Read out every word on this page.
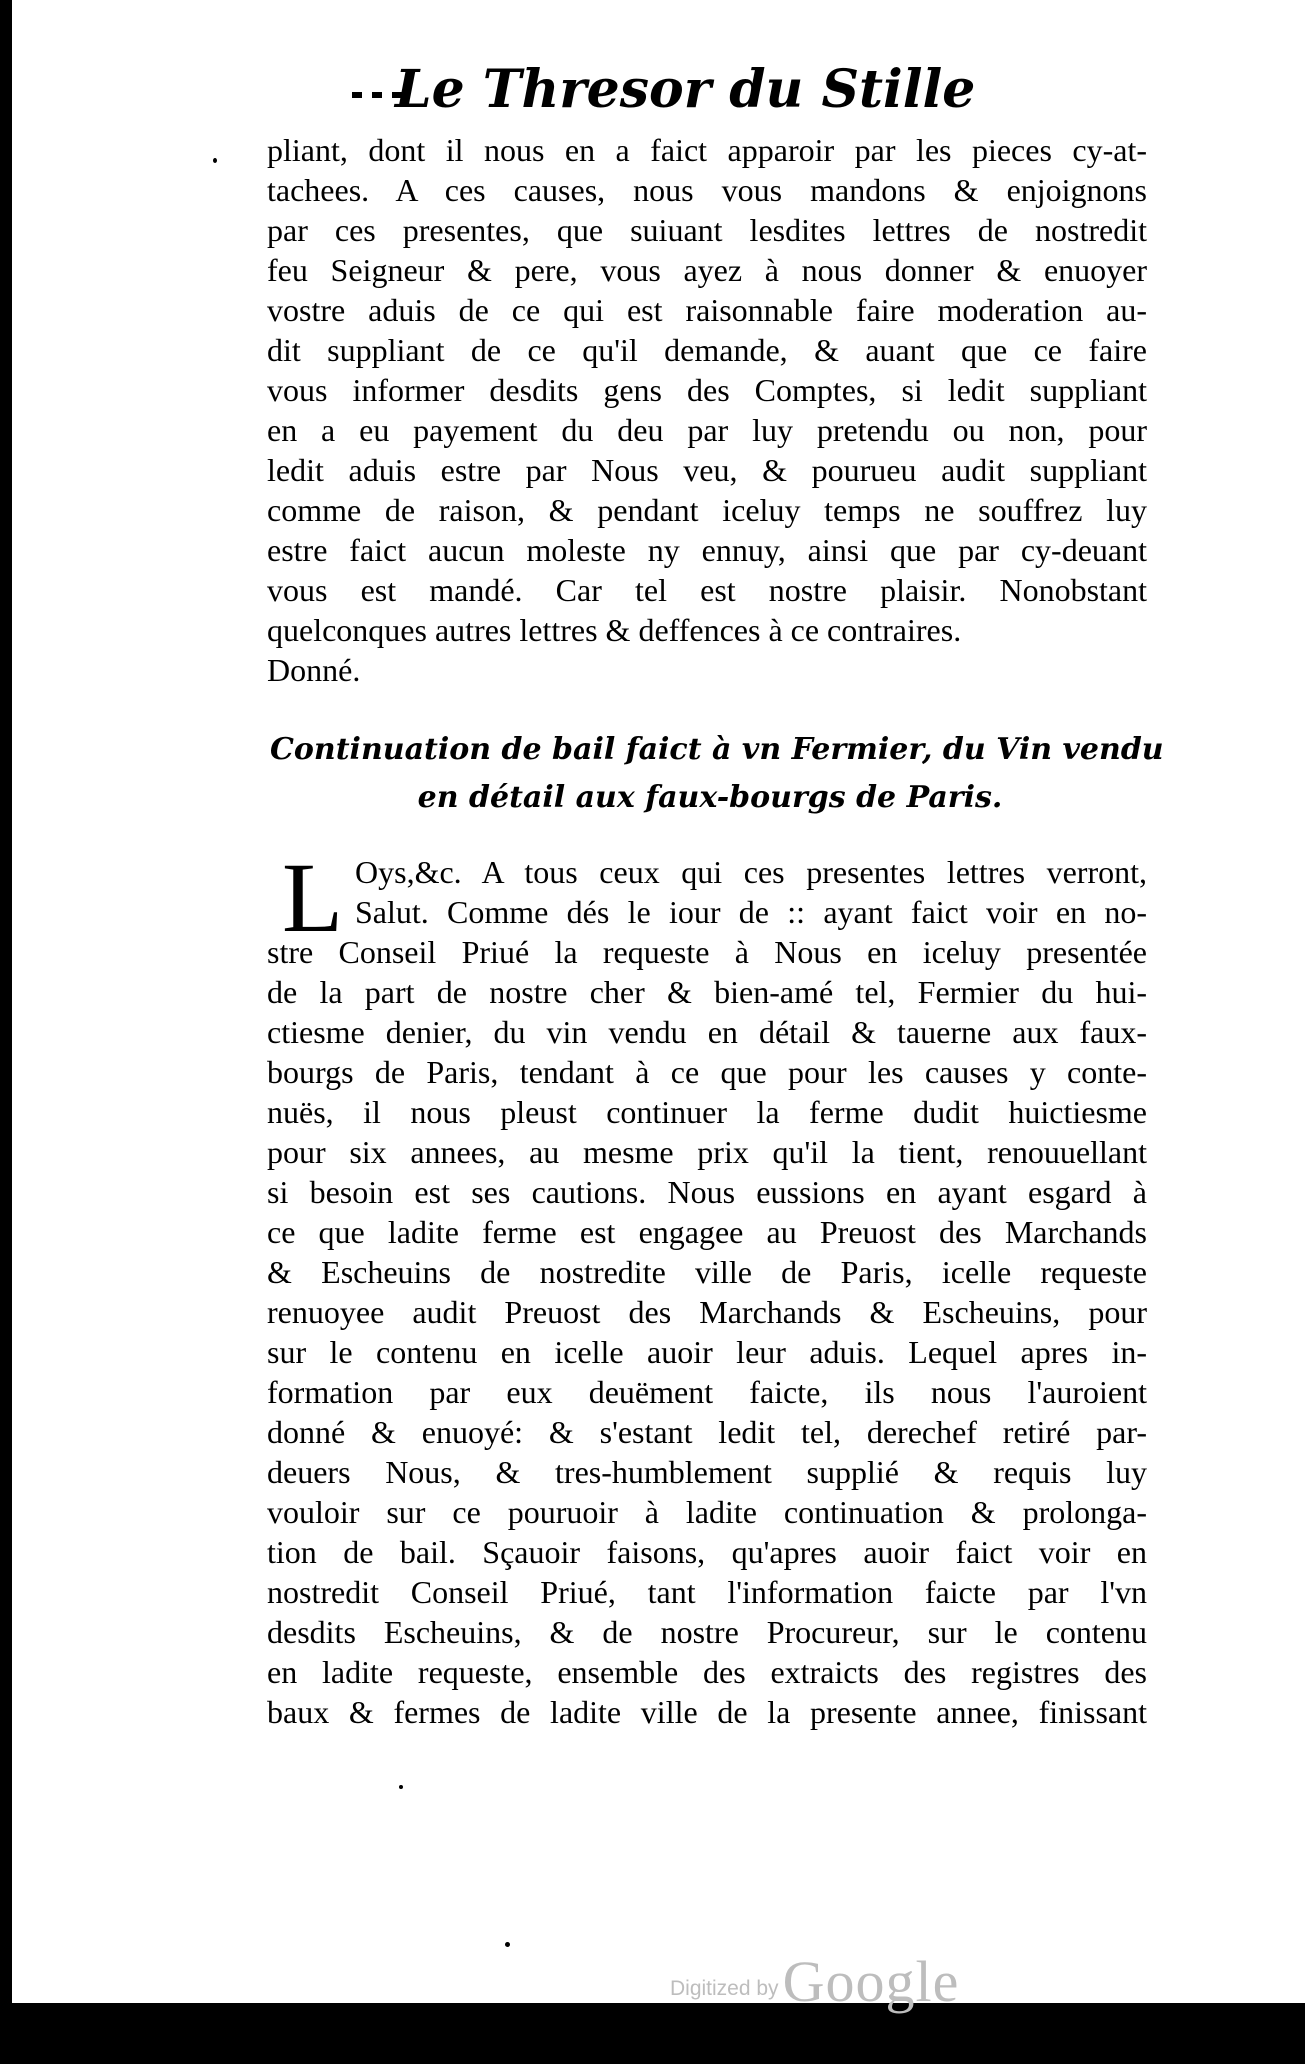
Le Thresor du Stille
pliant, dont il nous en a faict apparoir par les pieces cy-at-
tachees. A ces causes, nous vous mandons & enjoignons
par ces presentes, que suiuant lesdites lettres de nostredit
feu Seigneur & pere, vous ayez à nous donner & enuoyer
vostre aduis de ce qui est raisonnable faire moderation au-
dit suppliant de ce qu'il demande, & auant que ce faire
vous informer desdits gens des Comptes, si ledit suppliant
en a eu payement du deu par luy pretendu ou non, pour
ledit aduis estre par Nous veu, & pourueu audit suppliant
comme de raison, & pendant iceluy temps ne souffrez luy
estre faict aucun moleste ny ennuy, ainsi que par cy-deuant
vous est mandé. Car tel est nostre plaisir. Nonobstant
quelconques autres lettres & deffences à ce contraires.
Donné.
Continuation de bail faict à vn Fermier, du Vin vendu
en détail aux faux-bourgs de Paris.
L Oys,&c. A tous ceux qui ces presentes lettres verront,
Salut. Comme dés le iour de :: ayant faict voir en no-
stre Conseil Priué la requeste à Nous en iceluy presentée
de la part de nostre cher & bien-amé tel, Fermier du hui-
ctiesme denier, du vin vendu en détail & tauerne aux faux-
bourgs de Paris, tendant à ce que pour les causes y conte-
nuës, il nous pleust continuer la ferme dudit huictiesme
pour six annees, au mesme prix qu'il la tient, renouuellant
si besoin est ses cautions. Nous eussions en ayant esgard à
ce que ladite ferme est engagee au Preuost des Marchands
& Escheuins de nostredite ville de Paris, icelle requeste
renuoyee audit Preuost des Marchands & Escheuins, pour
sur le contenu en icelle auoir leur aduis. Lequel apres in-
formation par eux deuëment faicte, ils nous l'auroient
donné & enuoyé: & s'estant ledit tel, derechef retiré par-
deuers Nous, & tres-humblement supplié & requis luy
vouloir sur ce pouruoir à ladite continuation & prolonga-
tion de bail. Sçauoir faisons, qu'apres auoir faict voir en
nostredit Conseil Priué, tant l'information faicte par l'vn
desdits Escheuins, & de nostre Procureur, sur le contenu
en ladite requeste, ensemble des extraicts des registres des
baux & fermes de ladite ville de la presente annee, finissant
Digitized by Google
